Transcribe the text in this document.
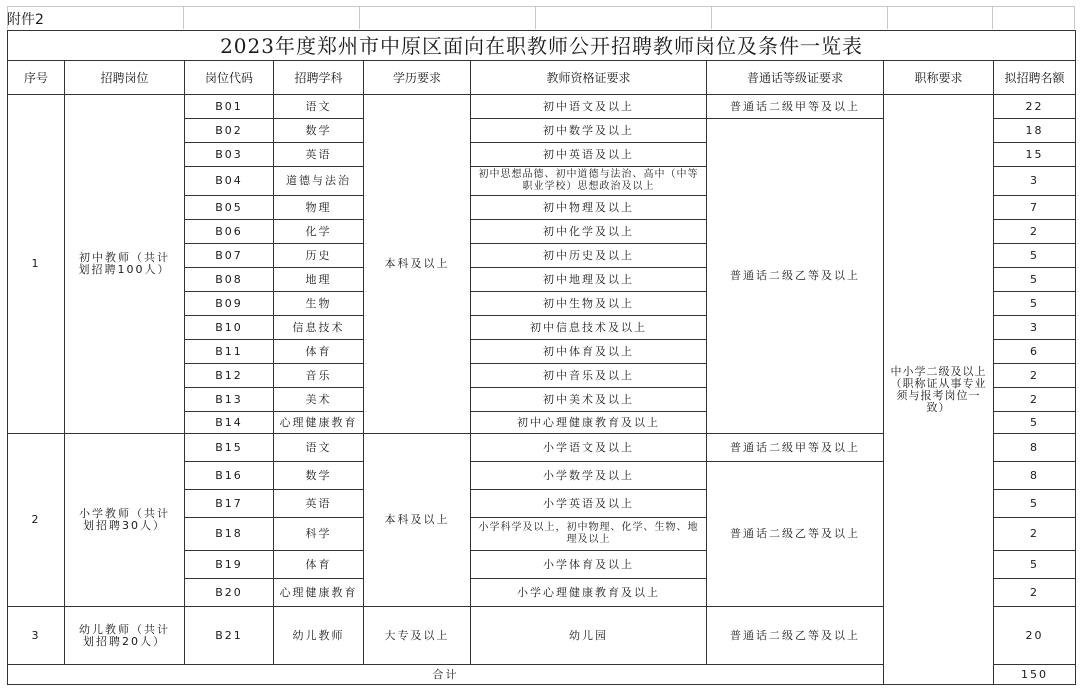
附件2
2023年度郑州市中原区面向在职教师公开招聘教师岗位及条件一览表								
序号	招聘岗位	岗位代码	招聘学科	学历要求	教师资格证要求	普通话等级证要求	职称要求	拟招聘名额
1	初中教师（共计划招聘100人）	B01	语文	本科及以上	初中语文及以上	普通话二级甲等及以上	中小学二级及以上（职称证从事专业须与报考岗位一致）	22
		B02	数学		初中数学及以上	普通话二级乙等及以上		18
		B03	英语		初中英语及以上			15
		B04	道德与法治		初中思想品德、初中道德与法治、高中（中等职业学校）思想政治及以上			3
		B05	物理		初中物理及以上			7
		B06	化学		初中化学及以上			2
		B07	历史		初中历史及以上			5
		B08	地理		初中地理及以上			5
		B09	生物		初中生物及以上			5
		B10	信息技术		初中信息技术及以上			3
		B11	体育		初中体育及以上			6
		B12	音乐		初中音乐及以上			2
		B13	美术		初中美术及以上			2
		B14	心理健康教育		初中心理健康教育及以上			5
2	小学教师（共计划招聘30人）	B15	语文	本科及以上	小学语文及以上	普通话二级甲等及以上		8
		B16	数学		小学数学及以上	普通话二级乙等及以上		8
		B17	英语		小学英语及以上			5
		B18	科学		小学科学及以上，初中物理、化学、生物、地理及以上			2
		B19	体育		小学体育及以上			5
		B20	心理健康教育		小学心理健康教育及以上			2
3	幼儿教师（共计划招聘20人）	B21	幼儿教师	大专及以上	幼儿园	普通话二级乙等及以上		20
合计								150
